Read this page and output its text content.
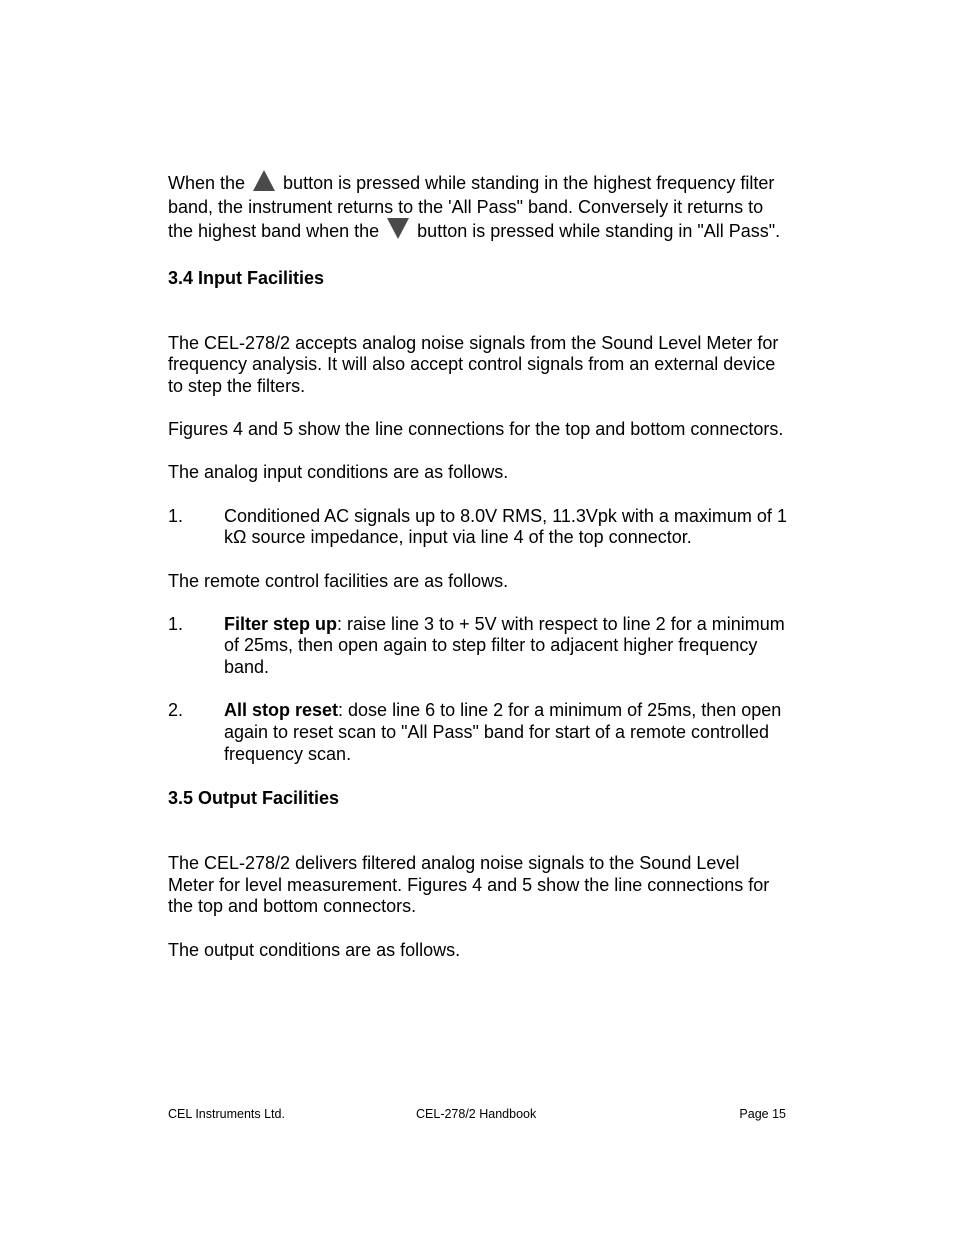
When the  button is pressed while standing in the highest frequency filter band, the instrument returns to the 'All Pass" band. Conversely it returns to the highest band when the  button is pressed while standing in "All Pass".

3.4 Input Facilities

The CEL-278/2 accepts analog noise signals from the Sound Level Meter for frequency analysis. It will also accept control signals from an external device to step the filters.

Figures 4 and 5 show the line connections for the top and bottom connectors.

The analog input conditions are as follows.

1.	Conditioned AC signals up to 8.0V RMS, 11.3Vpk with a maximum of 1 kΩ source impedance, input via line 4 of the top connector.

The remote control facilities are as follows.

1.	Filter step up: raise line 3 to + 5V with respect to line 2 for a minimum of 25ms, then open again to step filter to adjacent higher frequency band.
2.	All stop reset: dose line 6 to line 2 for a minimum of 25ms, then open again to reset scan to "All Pass" band for start of a remote controlled frequency scan.
3.5 Output Facilities

The CEL-278/2 delivers filtered analog noise signals to the Sound Level Meter for level measurement. Figures 4 and 5 show the line connections for the top and bottom connectors.

The output conditions are as follows.

CEL Instruments Ltd.	CEL-278/2 Handbook	Page 15
